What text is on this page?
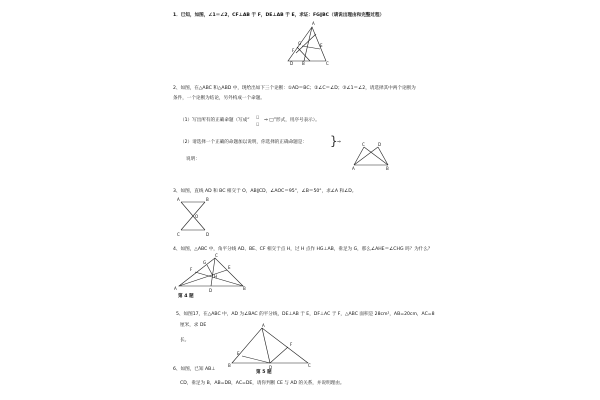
1．已知，如图，∠1＝∠2，CF⊥AB 于 F，DE⊥AB 于 E，求证：FG∥BC（请说出理由和完整过程）
A
G	E
F
D B	C
2、如图，在△ABC 和△ABD 中，现给出如下三个论断：①AD＝BC；②∠C＝∠D；③∠1＝∠2，请选择其中两个论断为
条件，一个论断为结论，另外构成一个命题。
（1）写出所有的正确命题（写成“
□
□
⇒ □”形式，用序号表示）。
（2）请选择一个正确的命题加以说明，你选择的正确命题是： } ⇒
说明：
C	D
A	B
3、如图，直线 AD 和 BC 相交于 O，AB∥CD，∠AOC＝95°，∠B＝50°，求∠A 和∠D。
A	B
O
C	D
4、如图，△ABC 中，角平分线 AD、BE、CF 相交于点 H，过 H 点作 HG⊥AB，垂足为 G，那么∠AHE＝∠CHG 吗？为什么？
A	B
C
D
E
F
G
H
第 4 题
5、如图17，在△ABC 中，AD 为∠BAC 的平分线，DE⊥AB 于 E，DF⊥AC 于 F，△ABC 面积是 28cm²，AB=20cm，AC=8
厘米，求 DE
长。
A
B	C
D
E
F
第 5 题
6、如图，已知 AB⊥
CD，垂足为 B，AB=DB，AC=DE，请你判断 CE 与 AD 的关系，并说明理由。
